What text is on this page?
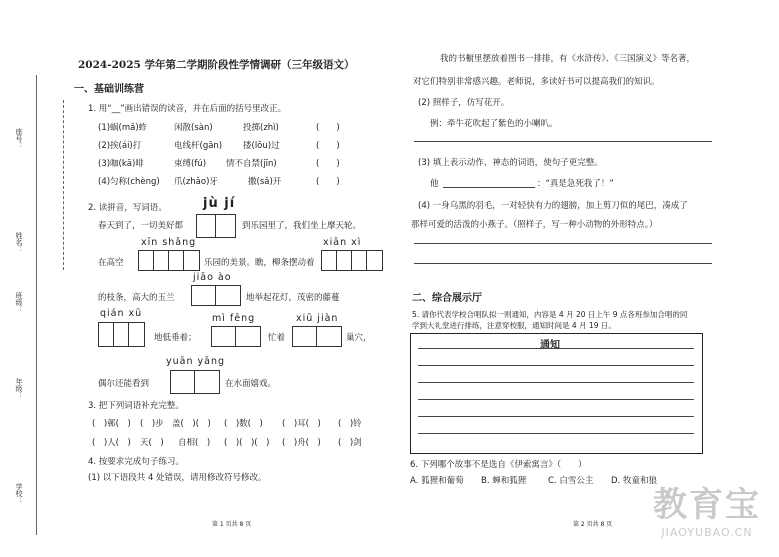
座号：
姓名：
班级：
年级：
学校：
2024-2025 学年第二学期阶段性学情调研（三年级语文）
一、基础训练营
1. 用“__”画出错误的读音，并在后面的括号里改正。
(1)蜗(mǎ)蚱	闲散(sàn)	投掷(zhì)	(　　)
(2)挨(ái)打	电线杆(gān) 搂(lǒu)过	(　　)
(3)咖(kā)啡	束缚(fú) 情不自禁(jīn)	(　　)
(4)匀称(chèng) 爪(zhǎo)牙	撒(sǎ)开	(　　)
2. 读拼音，写词语。	jù jí
春天到了，一切美好都	到乐园里了，我们坐上摩天轮。
xīn shǎng	xiān xì
在高空	乐园的美景。瞧，柳条摆动着
jiāo ào
的枝条，高大的玉兰	地举起花灯，茂密的藤蔓
qián xū	mì fēng	xiū jiàn
地低垂着；	忙着	巢穴，
yuān yāng
偶尔还能看到	在水面嬉戏。
3. 把下列词语补充完整。
(　)鄣(　) (　)步 盖(　)(　) (　)数(　) (　)耳(　) (　)铃
(　)人(　) 天(　) 自相(　) (　)(　)(　) (　)舟(　) (　)剑
4. 按要求完成句子练习。
(1) 以下语段共 4 处错误，请用修改符号修改。
我的书橱里摆放着图书一排排，有《水浒传》、《三国演义》等名著，
对它们特别非常感兴趣。老师说，多读好书可以提高我们的知识。
(2) 照样子，仿写花开。
例：牵牛花吹起了紫色的小喇叭。
(3) 填上表示动作、神态的词语，使句子更完整。
他	：“真是急死我了！”
(4) 一身乌黑的羽毛，一对轻快有力的翅膀，加上剪刀似的尾巴，凑成了
那样可爱的活泼的小燕子。（照样子，写一种小动物的外形特点。）
二、综合展示厅
5. 请你代表学校合唱队拟一则通知，内容是 4 月 20 日上午 9 点各班参加合唱的同
学到大礼堂进行排练，注意穿校服，通知时间是 4 月 19 日。
通知
6. 下列哪个故事不是选自《伊索寓言》（　　）
A. 狐狸和葡萄 B. 蝉和狐狸	C. 白雪公主 D. 牧童和狼
第 1 页共 8 页	第 2 页共 8 页 教育宝
JIAOYUBAO.CN
